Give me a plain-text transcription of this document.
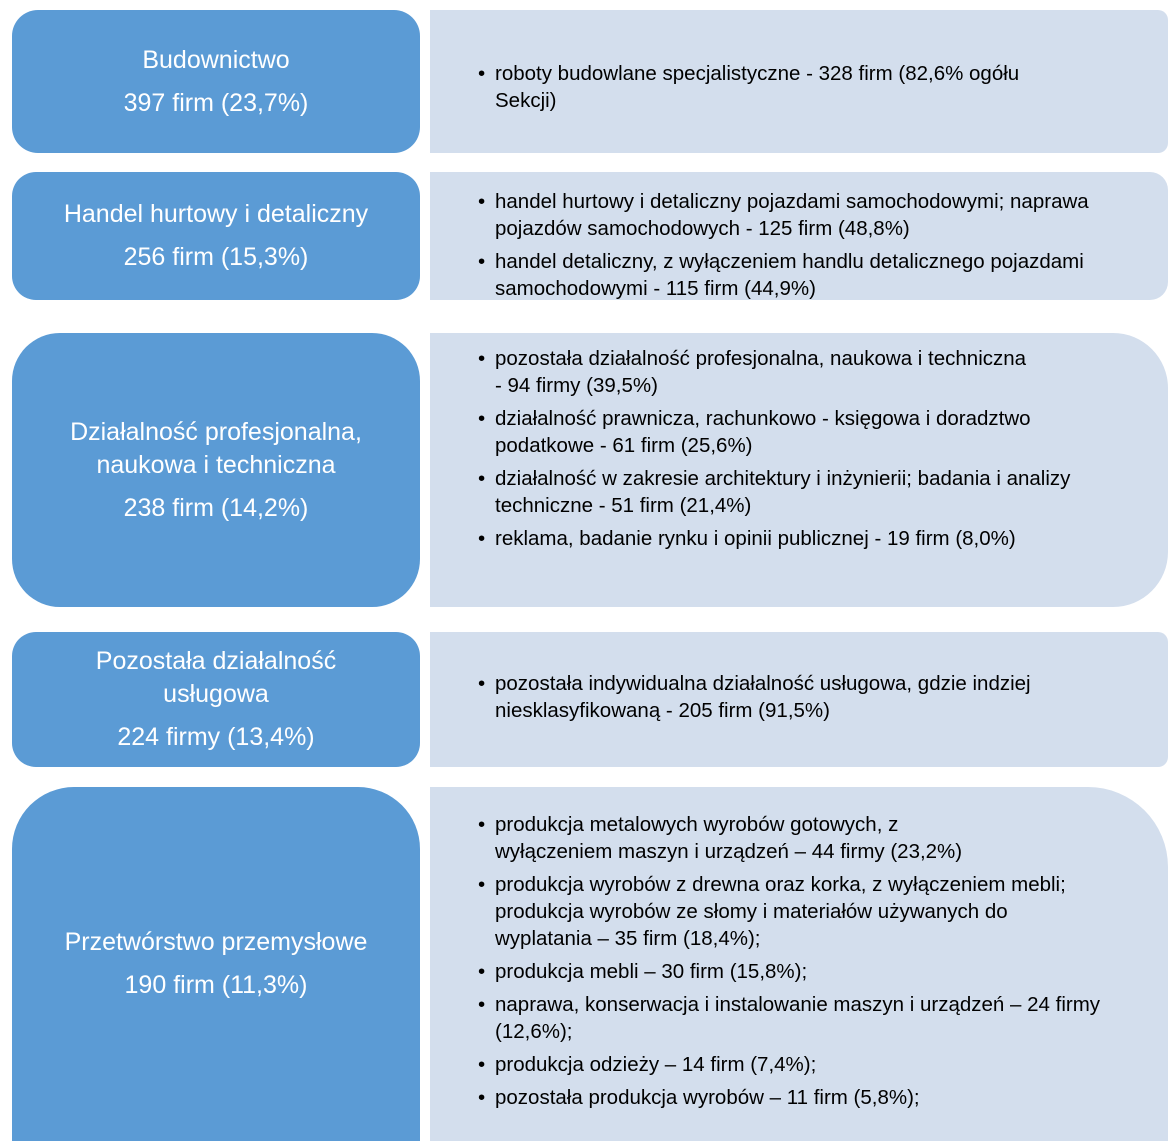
• roboty budowlane specjalistyczne - 328 firm (82,6% ogółu Sekcji)
Budownictwo
397 firm (23,7%)
• handel hurtowy i detaliczny pojazdami samochodowymi; naprawa pojazdów samochodowych - 125 firm (48,8%)
• handel detaliczny, z wyłączeniem handlu detalicznego pojazdami samochodowymi - 115 firm (44,9%)
Handel hurtowy i detaliczny
256 firm (15,3%)
• pozostała działalność profesjonalna, naukowa i techniczna - 94 firmy (39,5%)
• działalność prawnicza, rachunkowo - księgowa i doradztwo podatkowe - 61 firm (25,6%)
• działalność w zakresie architektury i inżynierii; badania i analizy techniczne - 51 firm (21,4%)
• reklama, badanie rynku i opinii publicznej - 19 firm (8,0%)
Działalność profesjonalna, naukowa i techniczna
238 firm (14,2%)
• pozostała indywidualna działalność usługowa, gdzie indziej niesklasyfikowaną - 205 firm (91,5%)
Pozostała działalność usługowa
224 firmy (13,4%)
• produkcja metalowych wyrobów gotowych, z wyłączeniem maszyn i urządzeń – 44 firmy (23,2%)
• produkcja wyrobów z drewna oraz korka, z wyłączeniem mebli; produkcja wyrobów ze słomy i materiałów używanych do wyplatania – 35 firm (18,4%);
• produkcja mebli – 30 firm (15,8%);
• naprawa, konserwacja i instalowanie maszyn i urządzeń – 24 firmy (12,6%);
• produkcja odzieży – 14 firm (7,4%);
• pozostała produkcja wyrobów – 11 firm (5,8%);
Przetwórstwo przemysłowe
190 firm (11,3%)
